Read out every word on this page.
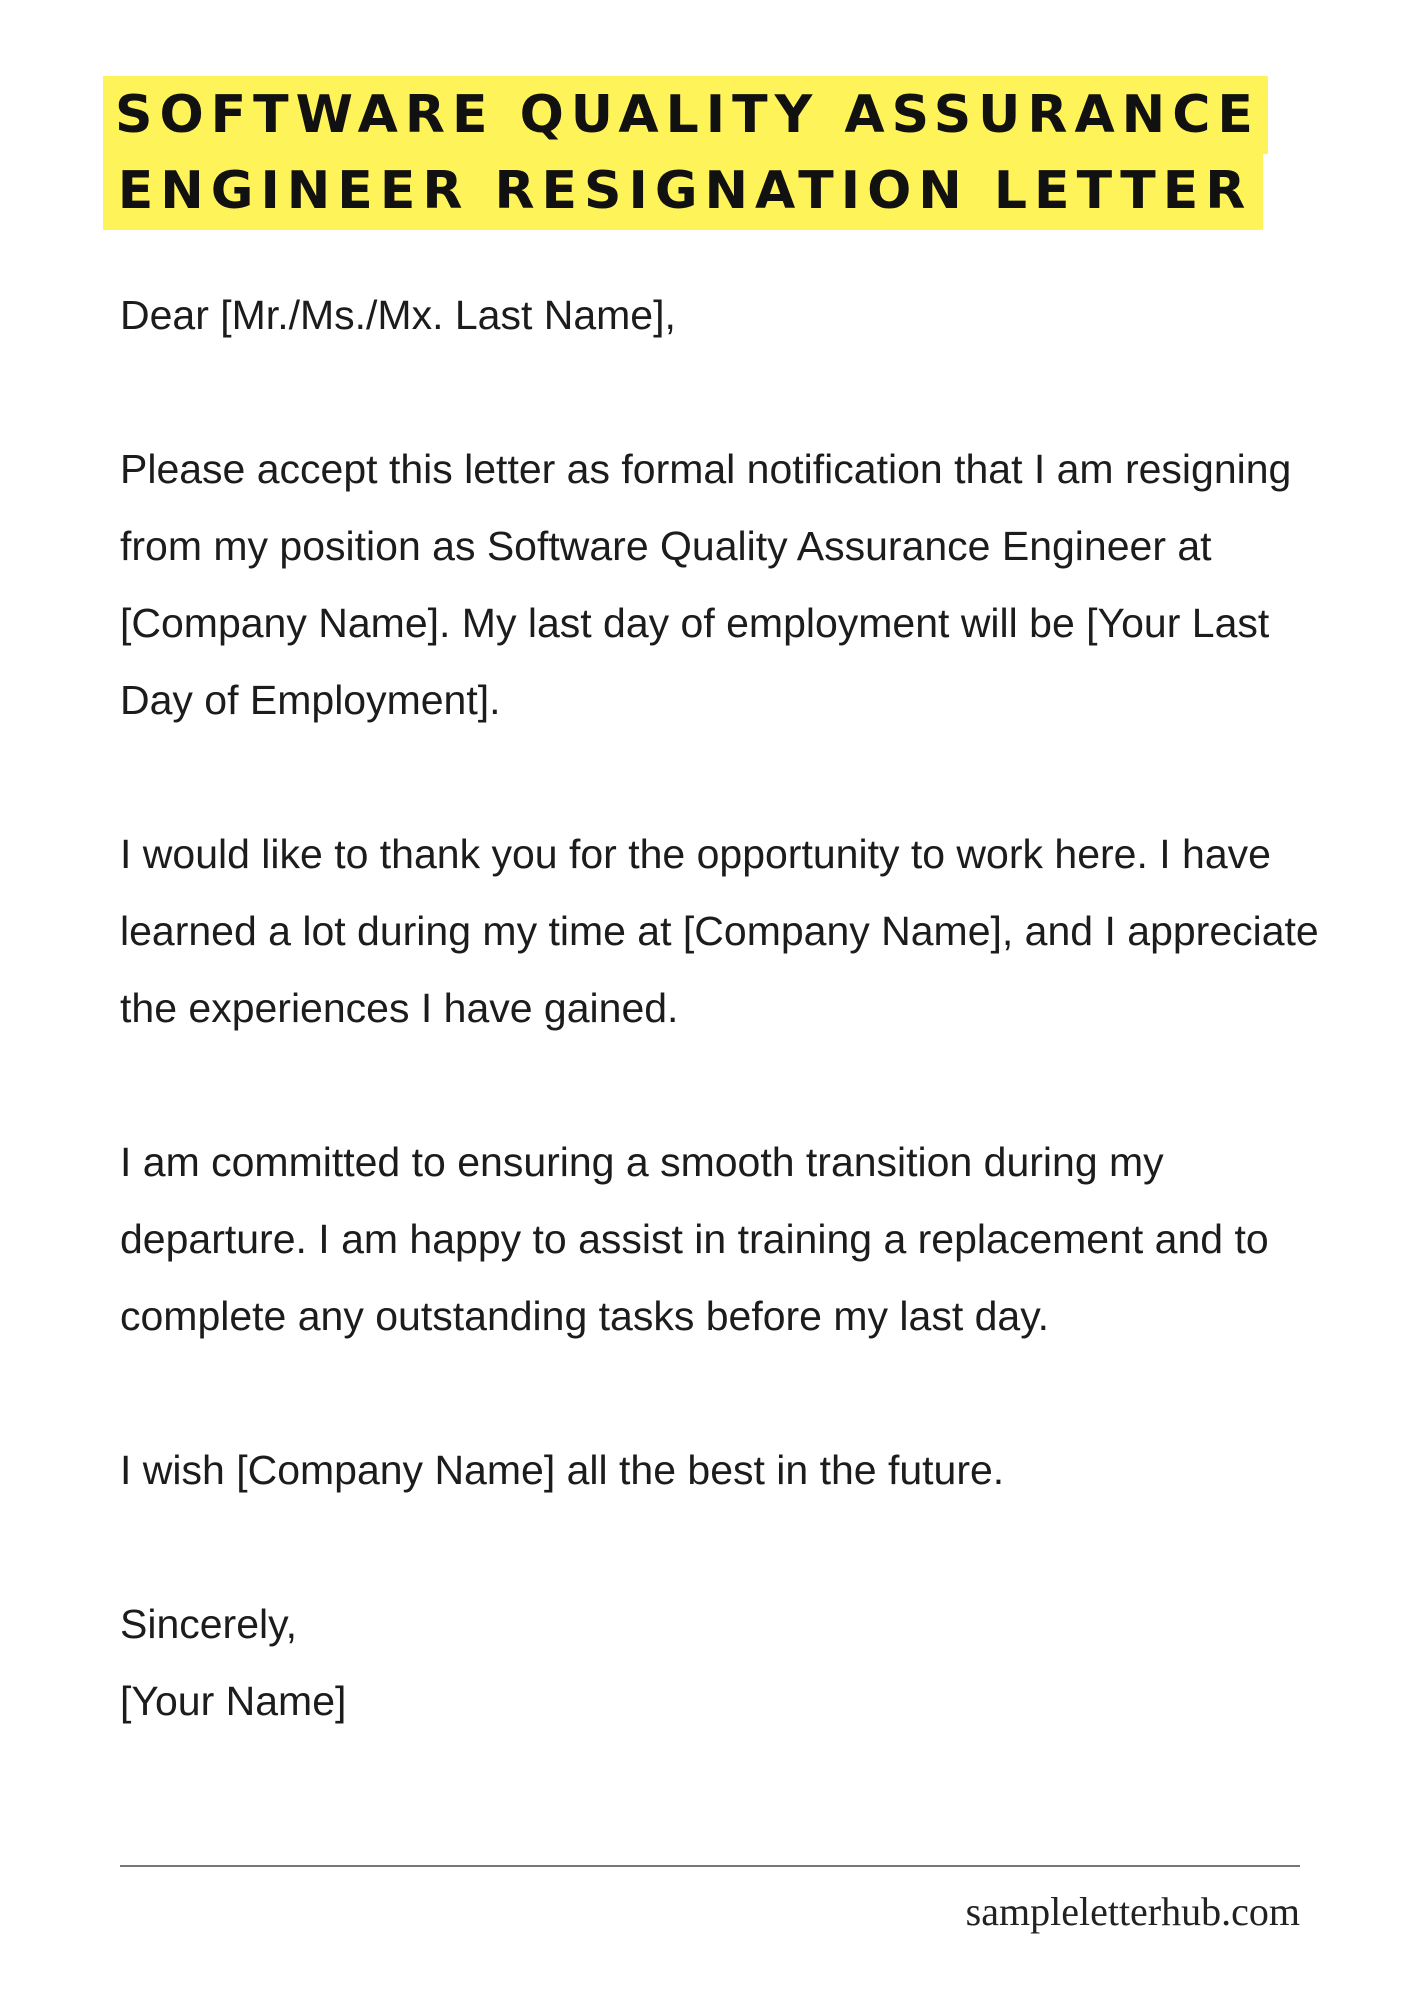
SOFTWARE QUALITY ASSURANCE
ENGINEER RESIGNATION LETTER

Dear [Mr./Ms./Mx. Last Name],

Please accept this letter as formal notification that I am resigning from my position as Software Quality Assurance Engineer at [Company Name]. My last day of employment will be [Your Last Day of Employment].

I would like to thank you for the opportunity to work here. I have learned a lot during my time at [Company Name], and I appreciate the experiences I have gained.

I am committed to ensuring a smooth transition during my departure. I am happy to assist in training a replacement and to complete any outstanding tasks before my last day.

I wish [Company Name] all the best in the future.

Sincerely,

[Your Name]

sampleletterhub.com
